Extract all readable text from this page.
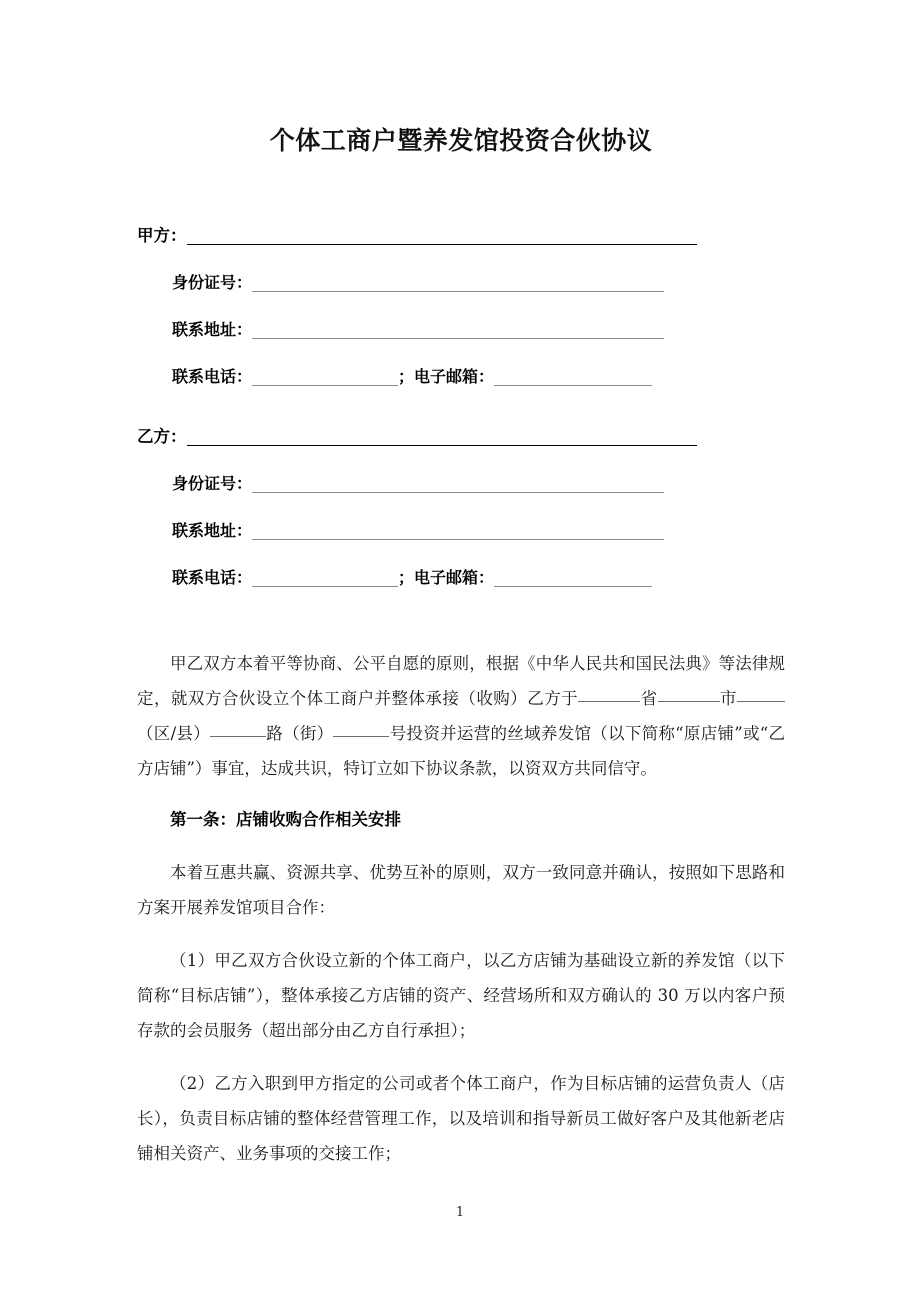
个体工商户暨养发馆投资合伙协议
甲方：
身份证号：
联系地址：
联系电话：	； 电子邮箱：
乙方：
身份证号：
联系地址：
联系电话：	； 电子邮箱：

甲乙双方本着平等协商、公平自愿的原则，根据《中华人民共和国民法典》等法律规定，就双方合伙设立个体工商户并整体承接（收购）乙方于	省	市（区/县）	路（街）	号投资并运营的丝域养发馆（以下简称“原店铺”或“乙方店铺”）事宜，达成共识，特订立如下协议条款，以资双方共同信守。

第一条：店铺收购合作相关安排

本着互惠共赢、资源共享、优势互补的原则，双方一致同意并确认，按照如下思路和方案开展养发馆项目合作：

（1）甲乙双方合伙设立新的个体工商户，以乙方店铺为基础设立新的养发馆（以下简称“目标店铺”），整体承接乙方店铺的资产、经营场所和双方确认的 30 万以内客户预存款的会员服务（超出部分由乙方自行承担）；

（2）乙方入职到甲方指定的公司或者个体工商户，作为目标店铺的运营负责人（店长），负责目标店铺的整体经营管理工作，以及培训和指导新员工做好客户及其他新老店铺相关资产、业务事项的交接工作；

1
